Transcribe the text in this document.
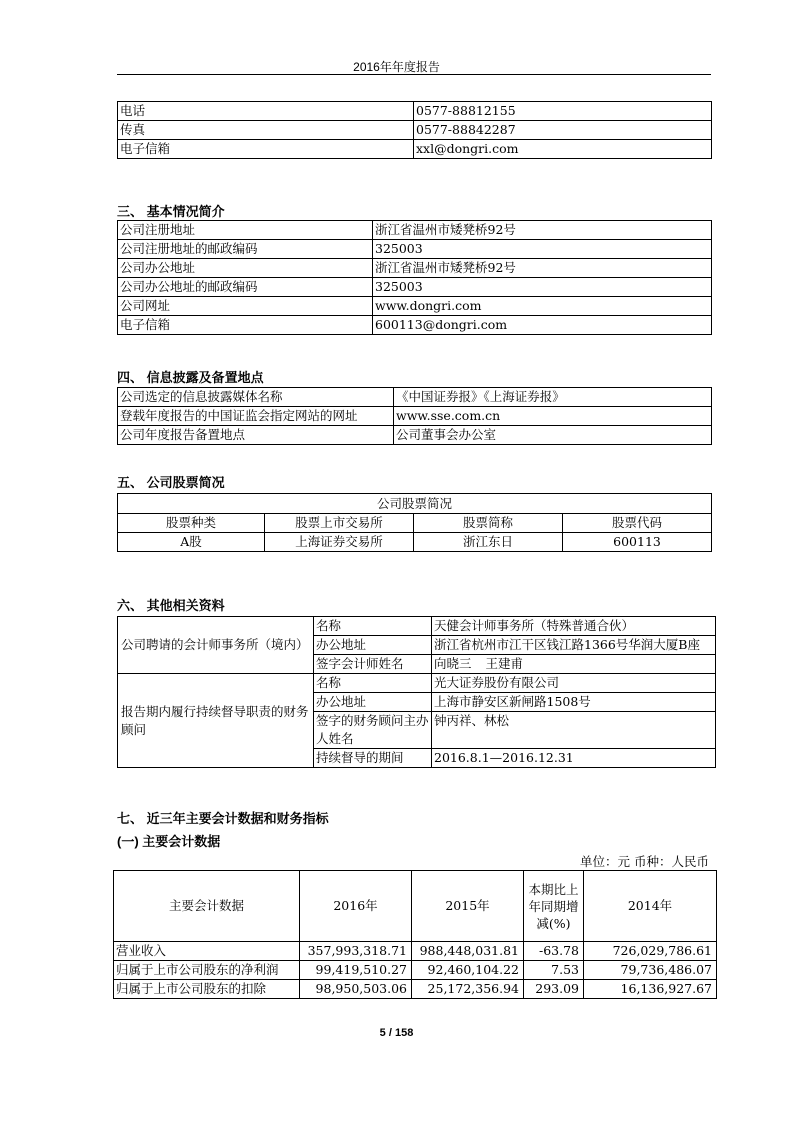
2016年年度报告
电话	0577-88812155
传真	0577-88842287
电子信箱	xxl@dongri.com
三、 基本情况简介
公司注册地址	浙江省温州市矮凳桥92号
公司注册地址的邮政编码	325003
公司办公地址	浙江省温州市矮凳桥92号
公司办公地址的邮政编码	325003
公司网址	www.dongri.com
电子信箱	600113@dongri.com
四、 信息披露及备置地点
公司选定的信息披露媒体名称	《中国证券报》《上海证券报》
登载年度报告的中国证监会指定网站的网址	www.sse.com.cn
公司年度报告备置地点	公司董事会办公室
五、 公司股票简况
公司股票简况			
股票种类	股票上市交易所	股票简称	股票代码
A股	上海证券交易所	浙江东日	600113
六、 其他相关资料
公司聘请的会计师事务所（境内）	名称	天健会计师事务所（特殊普通合伙）
	办公地址	浙江省杭州市江干区钱江路1366号华润大厦B座
	签字会计师姓名	向晓三 王建甫
报告期内履行持续督导职责的财务顾问	名称	光大证券股份有限公司
	办公地址	上海市静安区新闸路1508号
	签字的财务顾问主办人姓名	钟丙祥、林松
	持续督导的期间	2016.8.1—2016.12.31
七、 近三年主要会计数据和财务指标
(一) 主要会计数据
单位：元 币种：人民币
主要会计数据	2016年	2015年	本期比上年同期增减(%)	2014年
营业收入	357,993,318.71	988,448,031.81	-63.78	726,029,786.61
归属于上市公司股东的净利润	99,419,510.27	92,460,104.22	7.53	79,736,486.07
归属于上市公司股东的扣除	98,950,503.06	25,172,356.94	293.09	16,136,927.67
5 / 158
